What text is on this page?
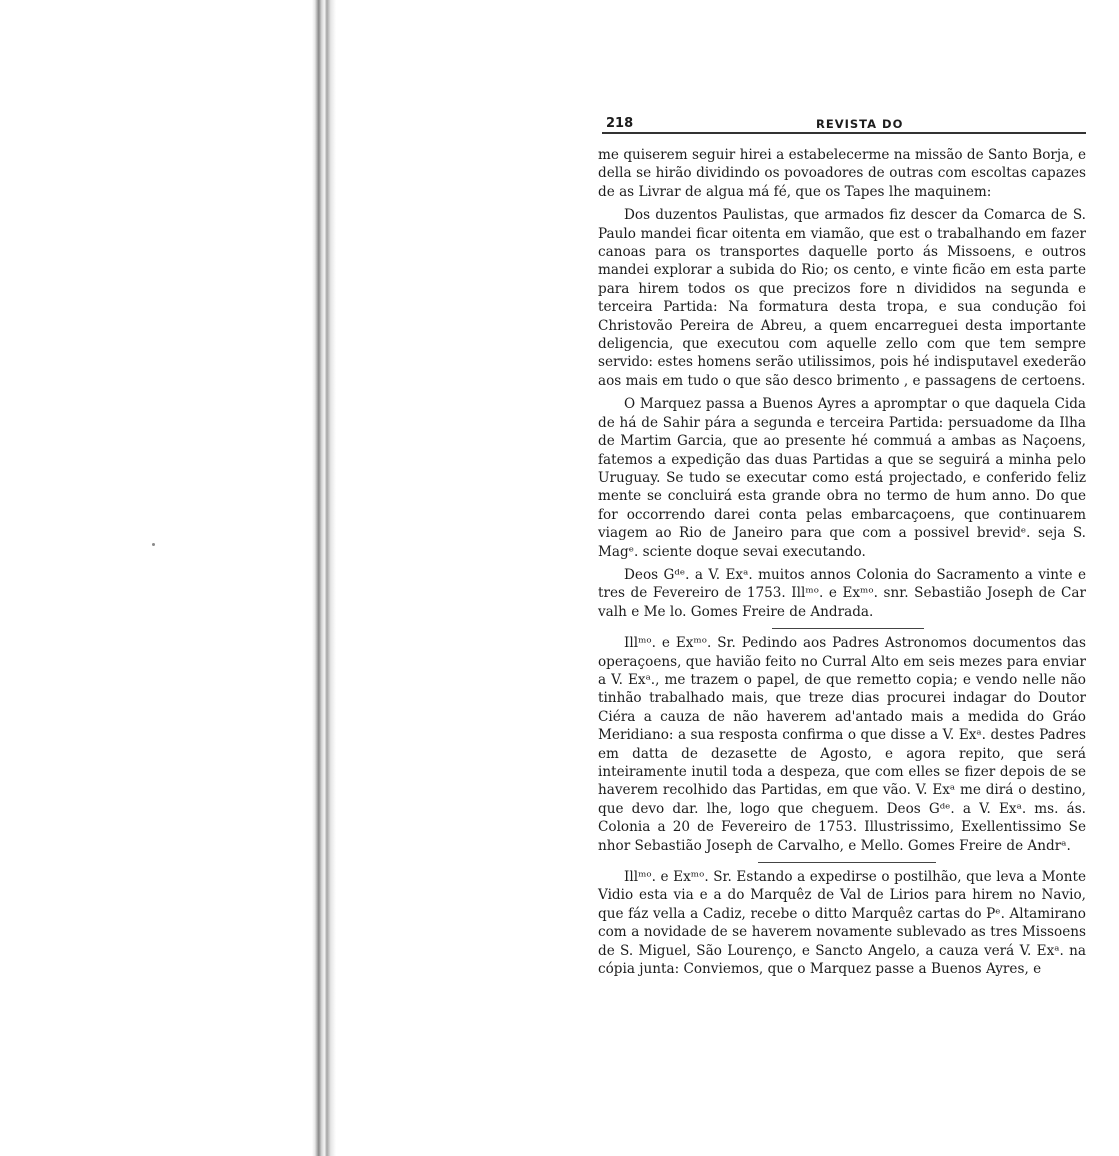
218	REVISTA DO

me quiserem seguir hirei a estabelecerme na missão de Santo Borja, e della se hirão dividindo os povoadores de outras com escoltas capazes de as Livrar de algua má fé, que os Tapes lhe maquinem:

Dos duzentos Paulistas, que armados fiz descer da Comarca de S. Paulo mandei ficar oitenta em viamão, que est o trabalhando em fazer canoas para os transportes daquelle porto ás Missoens, e outros mandei explorar a subida do Rio; os cento, e vinte ficão em esta parte para hirem todos os que precizos fore n divididos na segunda e terceira Partida: Na formatura desta tropa, e sua condução foi Christovão Pereira de Abreu, a quem encarreguei desta importante deligencia, que executou com aquelle zello com que tem sempre servido: estes homens serão utilissimos, pois hé indisputavel exederão aos mais em tudo o que são desco brimento , e passagens de certoens.

O Marquez passa a Buenos Ayres a apromptar o que daquela Cida de há de Sahir pára a segunda e terceira Partida: persuadome da Ilha de Martim Garcia, que ao presente hé commuá a ambas as Naçoens, fatemos a expedição das duas Partidas a que se seguirá a minha pelo Uruguay. Se tudo se executar como está projectado, e conferido feliz mente se concluirá esta grande obra no termo de hum anno. Do que for occorrendo darei conta pelas embarcaçoens, que continuarem viagem ao Rio de Janeiro para que com a possivel brevidᵉ. seja S. Magᵉ. sciente doque sevai executando.

Deos Gᵈᵉ. a V. Exᵃ. muitos annos Colonia do Sacramento a vinte e tres de Fevereiro de 1753. Illᵐᵒ. e Exᵐᵒ. snr. Sebastião Joseph de Car valh e Me lo. Gomes Freire de Andrada.

Illᵐᵒ. e Exᵐᵒ. Sr. Pedindo aos Padres Astronomos documentos das operaçoens, que havião feito no Curral Alto em seis mezes para enviar a V. Exᵃ., me trazem o papel, de que remetto copia; e vendo nelle não tinhão trabalhado mais, que treze dias procurei indagar do Doutor Ciéra a cauza de não haverem ad'antado mais a medida do Gráo Meridiano: a sua resposta confirma o que disse a V. Exᵃ. destes Padres em datta de dezasette de Agosto, e agora repito, que será inteiramente inutil toda a despeza, que com elles se fizer depois de se haverem recolhido das Partidas, em que vão. V. Exᵃ me dirá o destino, que devo dar. lhe, logo que cheguem. Deos Gᵈᵉ. a V. Exᵃ. ms. ás. Colonia a 20 de Fevereiro de 1753. Illustrissimo, Exellentissimo Se nhor Sebastião Joseph de Carvalho, e Mello. Gomes Freire de Andrᵃ.

Illᵐᵒ. e Exᵐᵒ. Sr. Estando a expedirse o postilhão, que leva a Monte Vidio esta via e a do Marquêz de Val de Lirios para hirem no Navio, que fáz vella a Cadiz, recebe o ditto Marquêz cartas do Pᵉ. Altamirano com a novidade de se haverem novamente sublevado as tres Missoens de S. Miguel, São Lourenço, e Sancto Angelo, a cauza verá V. Exᵃ. na cópia junta: Conviemos, que o Marquez passe a Buenos Ayres, e
